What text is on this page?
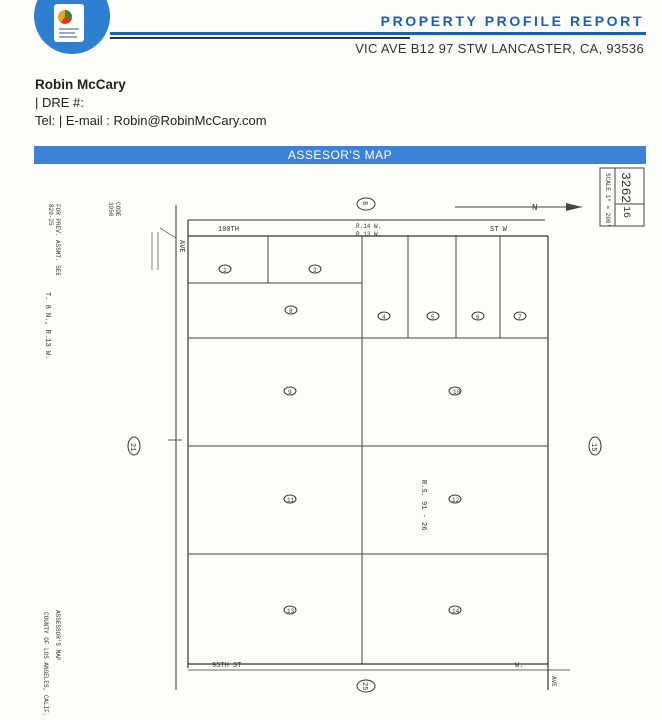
PROPERTY PROFILE REPORT
VIC AVE B12 97 STW LANCASTER, CA, 93536
Robin McCary
| DRE #:
Tel: | E-mail : Robin@RobinMcCary.com
ASSESOR'S MAP
SCALE 1" = 200' 3262
16
N
FOR PREV. ASSMT. SEE
820-25	CODE
3950
T. 8 N., R.13 W.
ASSESSOR'S MAP
COUNTY OF LOS ANGELES, CALIF.
100TH	ST W
R.14 W.
R.13 W.
AVE
95TH ST	W.
AVE
8
21	15
25
R.S. 91 - 26
1	3
4	5	6	7
8
9	10
11	12
13	14
